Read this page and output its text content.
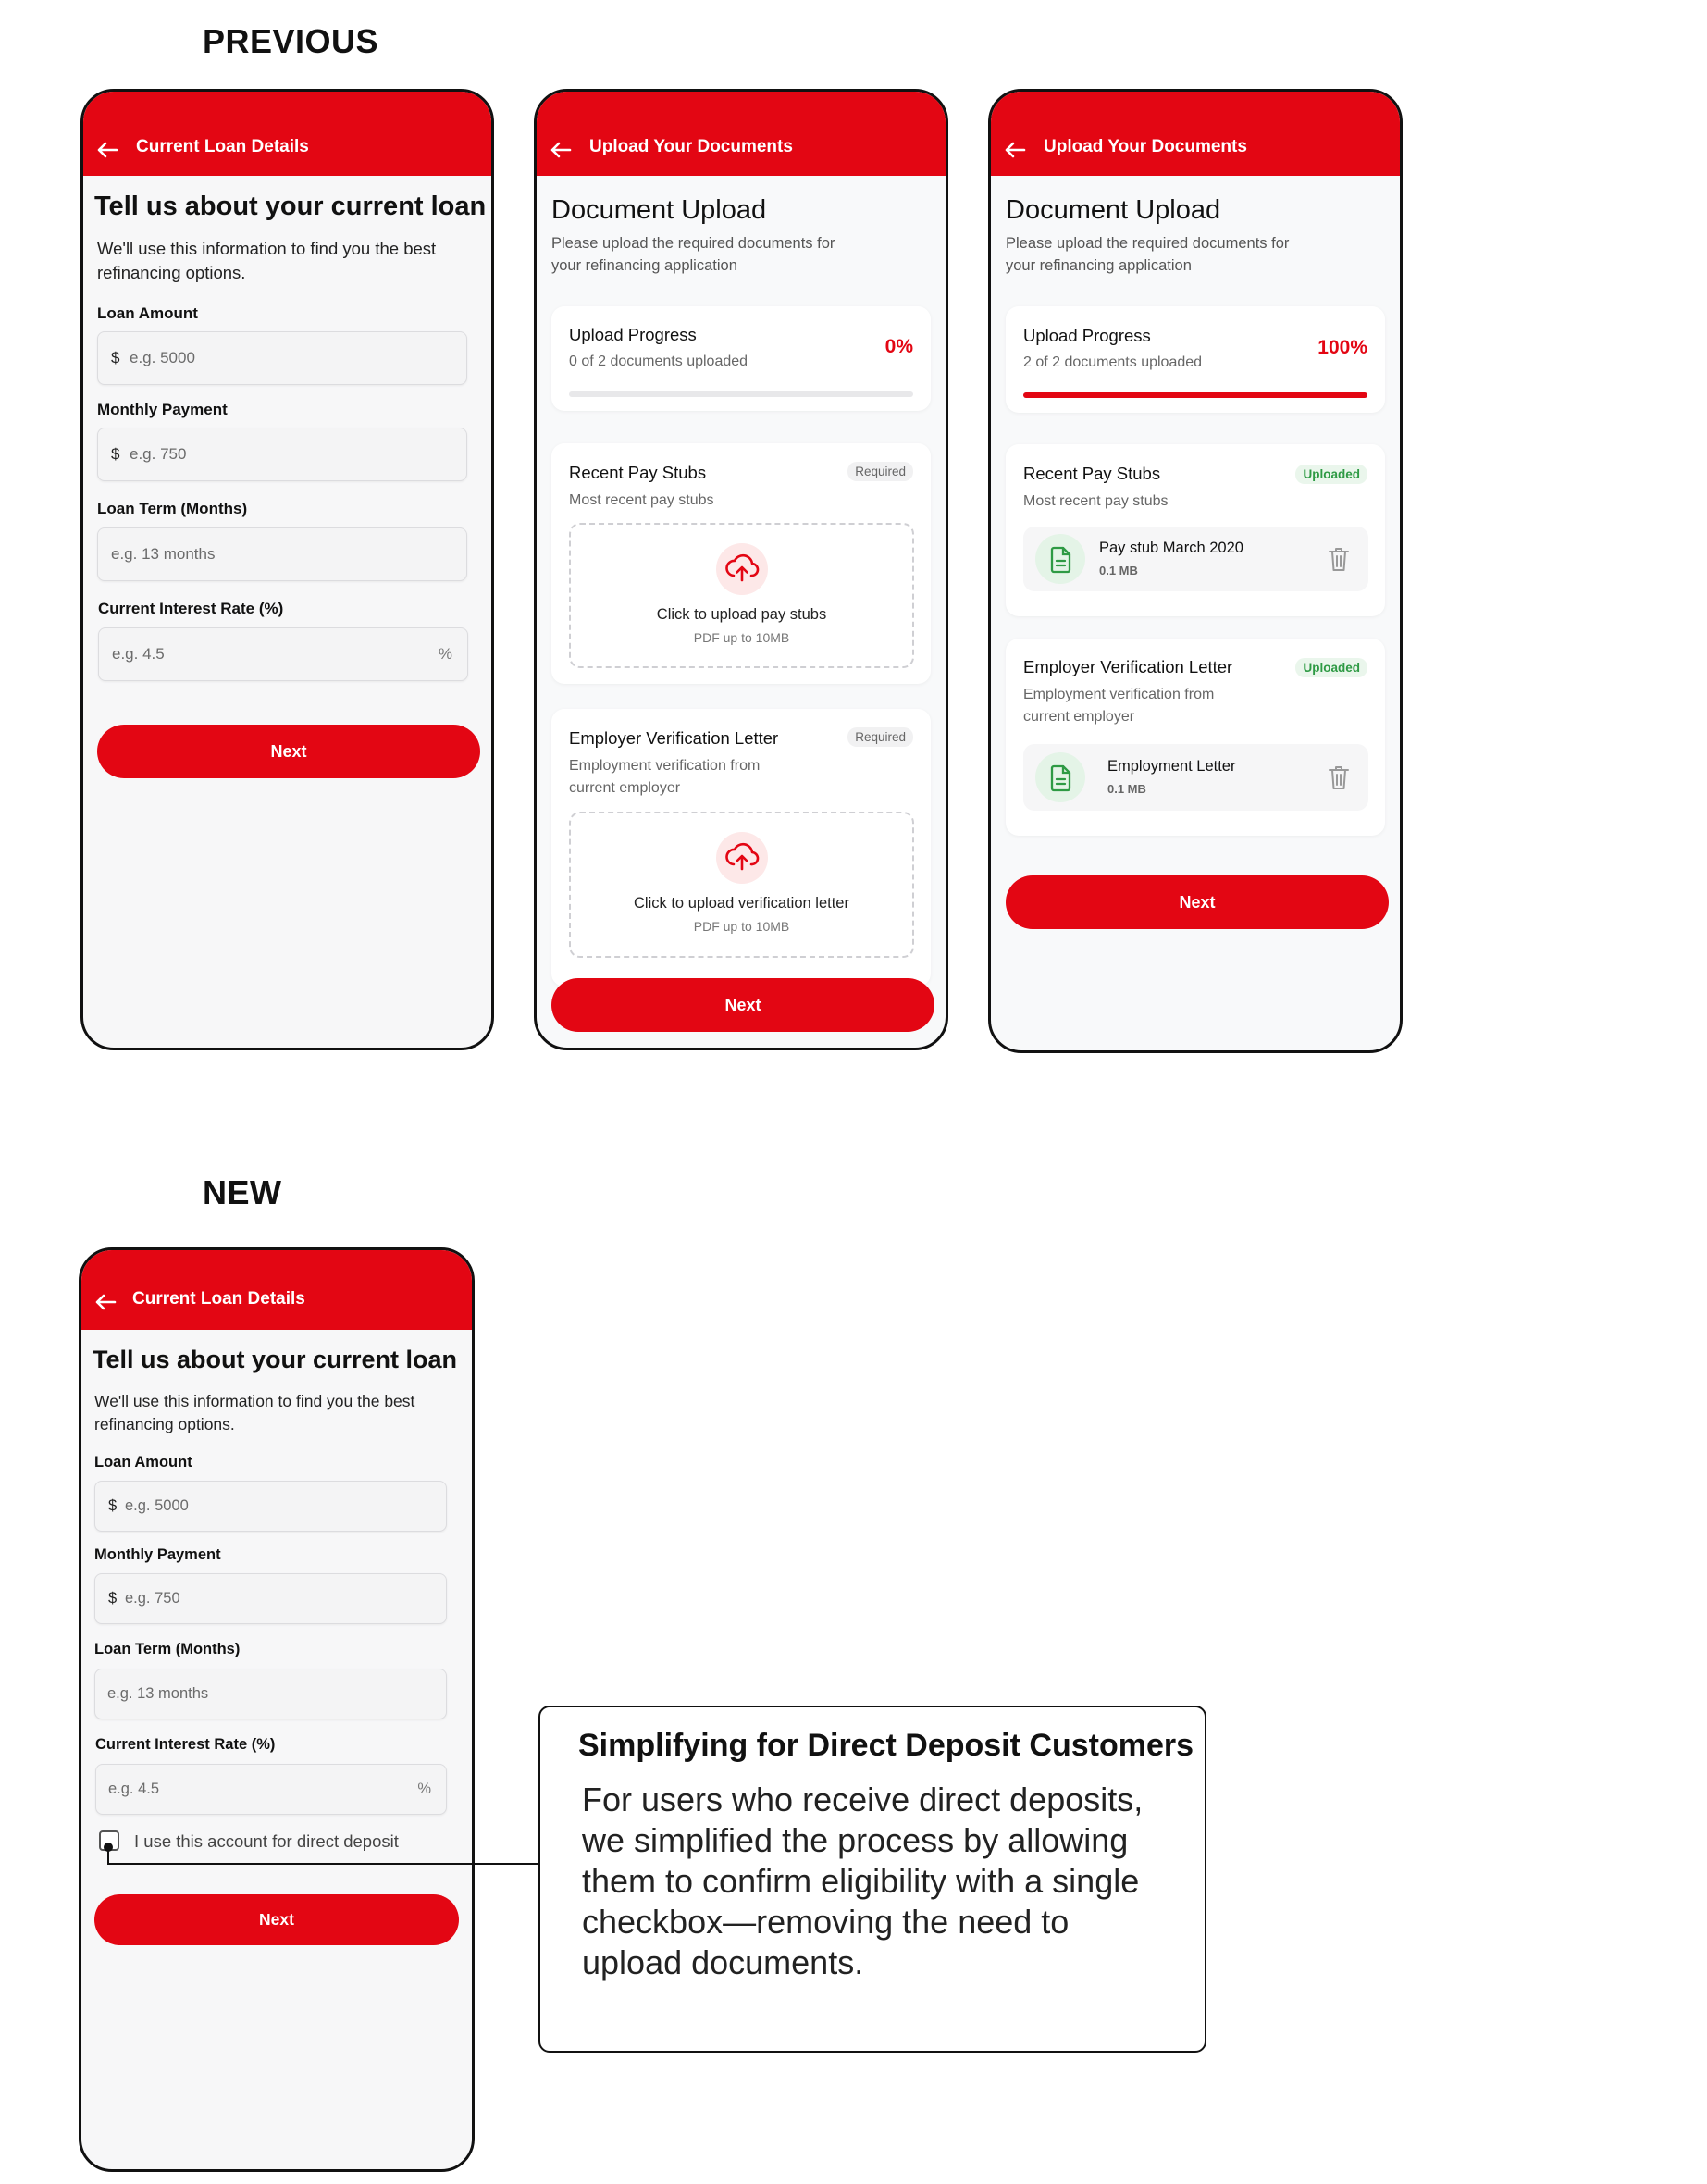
PREVIOUS
NEW
Current Loan Details
Tell us about your current loan
We'll use this information to find you the best refinancing options.
Loan Amount
$ e.g. 5000
Monthly Payment
$ e.g. 750
Loan Term (Months)
e.g. 13 months
Current Interest Rate (%)
e.g. 4.5	%
Next
Upload Your Documents
Document Upload
Please upload the required documents for your refinancing application
Upload Progress
0 of 2 documents uploaded
0%
Recent Pay Stubs	Required
Most recent pay stubs
Click to upload pay stubs
PDF up to 10MB
Employer Verification Letter	Required
Employment verification from current employer
Click to upload verification letter
PDF up to 10MB
Next
Upload Your Documents
Document Upload
Please upload the required documents for your refinancing application
Upload Progress
2 of 2 documents uploaded
100%
Recent Pay Stubs	Uploaded
Most recent pay stubs
Pay stub March 2020
0.1 MB
Employer Verification Letter	Uploaded
Employment verification from current employer
Employment Letter
0.1 MB
Next
Current Loan Details
Tell us about your current loan
We'll use this information to find you the best refinancing options.
Loan Amount
$ e.g. 5000
Monthly Payment
$ e.g. 750
Loan Term (Months)
e.g. 13 months
Current Interest Rate (%)
e.g. 4.5	%
I use this account for direct deposit
Next
Simplifying for Direct Deposit Customers
For users who receive direct deposits, we simplified the process by allowing them to confirm eligibility with a single checkbox—removing the need to upload documents.
